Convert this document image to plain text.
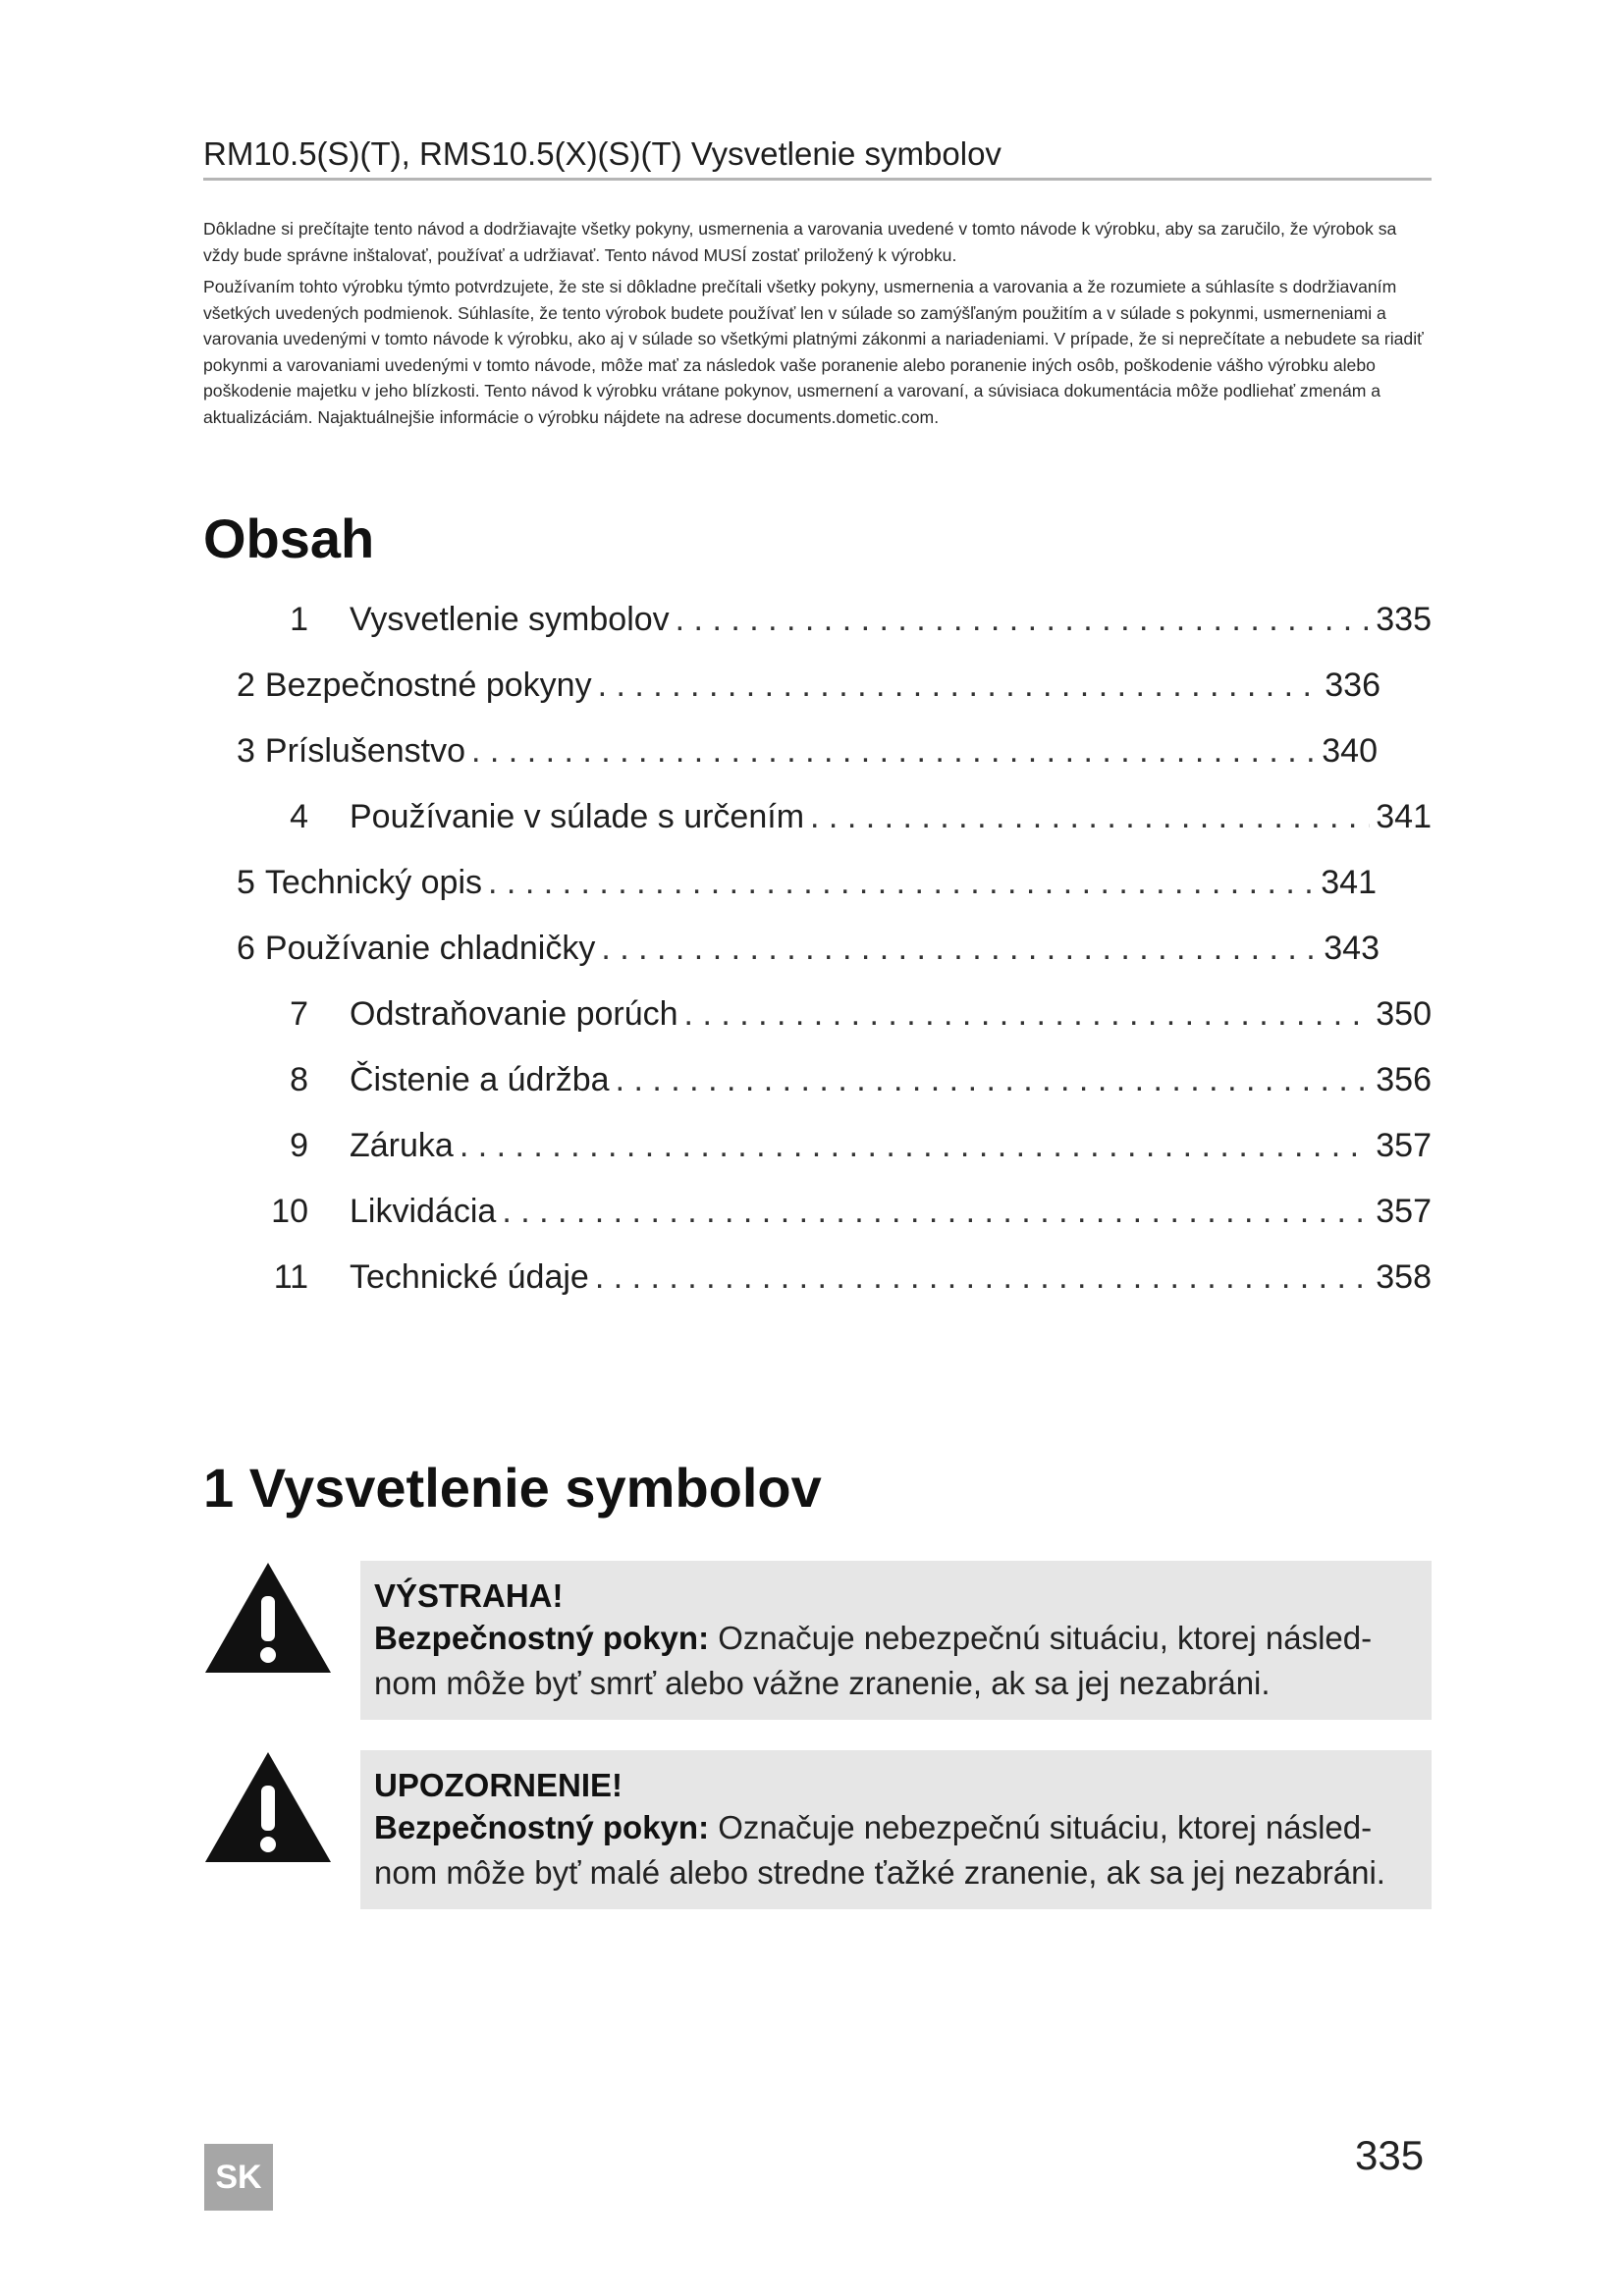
RM10.5(S)(T), RMS10.5(X)(S)(T) Vysvetlenie symbolov

Dôkladne si prečítajte tento návod a dodržiavajte všetky pokyny, usmernenia a varovania uvedené v tomto návode k výrobku, aby sa zaručilo, že výrobok sa vždy bude správne inštalovať, používať a udržiavať. Tento návod MUSÍ zostať priložený k výrobku.

Používaním tohto výrobku týmto potvrdzujete, že ste si dôkladne prečítali všetky pokyny, usmernenia a varovania a že rozumiete a súhlasíte s dodržiavaním všetkých uvedených podmienok. Súhlasíte, že tento výrobok budete používať len v súlade so zamýšľaným použitím a v súlade s pokynmi, usmerneniami a varovania uvedenými v tomto návode k výrobku, ako aj v súlade so všetkými platnými zákonmi a nariadeniami. V prípade, že si neprečítate a nebudete sa riadiť pokynmi a varovaniami uvedenými v tomto návode, môže mať za následok vaše poranenie alebo poranenie iných osôb, poškodenie vášho výrobku alebo poškodenie majetku v jeho blízkosti. Tento návod k výrobku vrátane pokynov, usmernení a varovaní, a súvisiaca dokumentácia môže podliehať zmenám a aktualizáciám. Najaktuálnejšie informácie o výrobku nájdete na adrese documents.dometic.com.

Obsah
1 Vysvetlenie symbolov . . .	335
2 Bezpečnostné pokyny . . .	336
3 Príslušenstvo . . .	340
4 Používanie v súlade s určením . . .	341
5 Technický opis . . .	341
6 Používanie chladničky . . .	343
7 Odstraňovanie porúch . . .	350
8 Čistenie a údržba . . .	356
9 Záruka . . .	357
10 Likvidácia . . .	357
11 Technické údaje . . .	358
1 Vysvetlenie symbolov
VÝSTRAHA!
Bezpečnostný pokyn: Označuje nebezpečnú situáciu, ktorej násled-nom môže byť smrť alebo vážne zranenie, ak sa jej nezabráni.
UPOZORNENIE!
Bezpečnostný pokyn: Označuje nebezpečnú situáciu, ktorej násled-nom môže byť malé alebo stredne ťažké zranenie, ak sa jej nezabráni.
SK	335
